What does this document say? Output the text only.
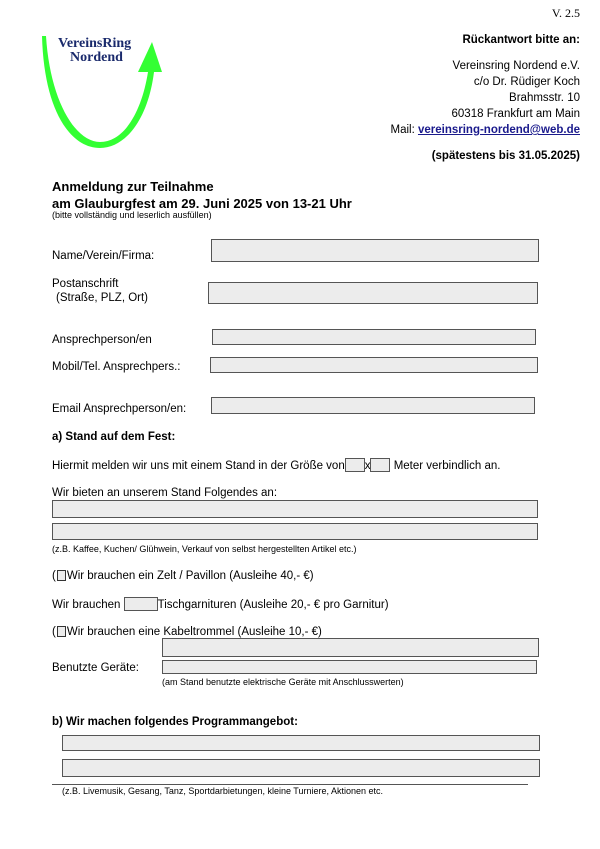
V. 2.5
VereinsRing
Nordend
Rückantwort bitte an:
Vereinsring Nordend e.V.
c/o Dr. Rüdiger Koch
Brahmsstr. 10
60318 Frankfurt am Main
Mail: vereinsring-nordend@web.de
(spätestens bis 31.05.2025)
Anmeldung zur Teilnahme
am Glauburgfest am 29. Juni 2025 von 13-21 Uhr
(bitte vollständig und leserlich ausfüllen)
Name/Verein/Firma:
Postanschrift
(Straße, PLZ, Ort)
Ansprechperson/en
Mobil/Tel. Ansprechpers.:
Email Ansprechperson/en:
a) Stand auf dem Fest:
Hiermit melden wir uns mit einem Stand in der Größe von x Meter verbindlich an.
Wir bieten an unserem Stand Folgendes an:
(z.B. Kaffee, Kuchen/ Glühwein, Verkauf von selbst hergestellten Artikel etc.)
( Wir brauchen ein Zelt / Pavillon (Ausleihe 40,- €)
Wir brauchen	Tischgarnituren (Ausleihe 20,- € pro Garnitur)
( Wir brauchen eine Kabeltrommel (Ausleihe 10,- €)
Benutzte Geräte:
(am Stand benutzte elektrische Geräte mit Anschlusswerten)
b) Wir machen folgendes Programmangebot:
(z.B. Livemusik, Gesang, Tanz, Sportdarbietungen, kleine Turniere, Aktionen etc.
